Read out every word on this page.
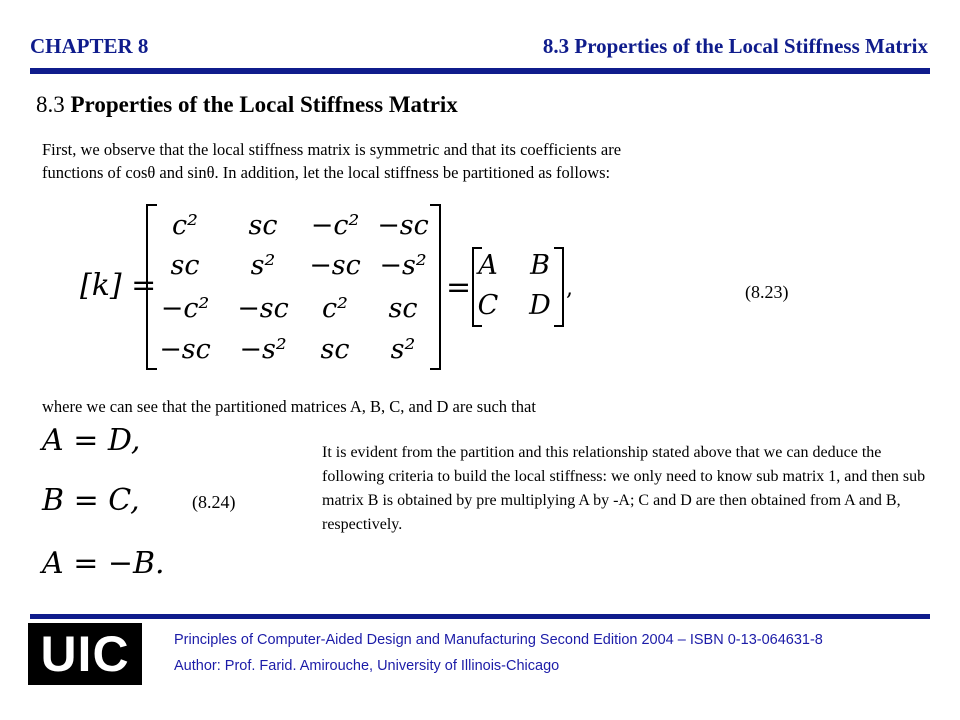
CHAPTER 8	8.3 Properties of the Local Stiffness Matrix
8.3 Properties of the Local Stiffness Matrix
First, we observe that the local stiffness matrix is symmetric and that its coefficients are
functions of cosθ and sinθ. In addition, let the local stiffness be partitioned as follows:
[k] =
c²	sc	−c² −sc
sc	s²	−sc −s²
−c²	−sc	c²	sc
−sc	−s²	sc	s²
=
A	B
C	D
,	(8.23)
where we can see that the partitioned matrices A, B, C, and D are such that
A = D,
B = C,
A = −B.
(8.24)
It is evident from the partition and this relationship stated above that we can deduce the following criteria to build the local stiffness: we only need to know sub matrix 1, and then sub matrix B is obtained by pre multiplying A by -A; C and D are then obtained from A and B, respectively.
UIC	Principles of Computer-Aided Design and Manufacturing Second Edition 2004 – ISBN 0-13-064631-8
Author: Prof. Farid. Amirouche, University of Illinois-Chicago
